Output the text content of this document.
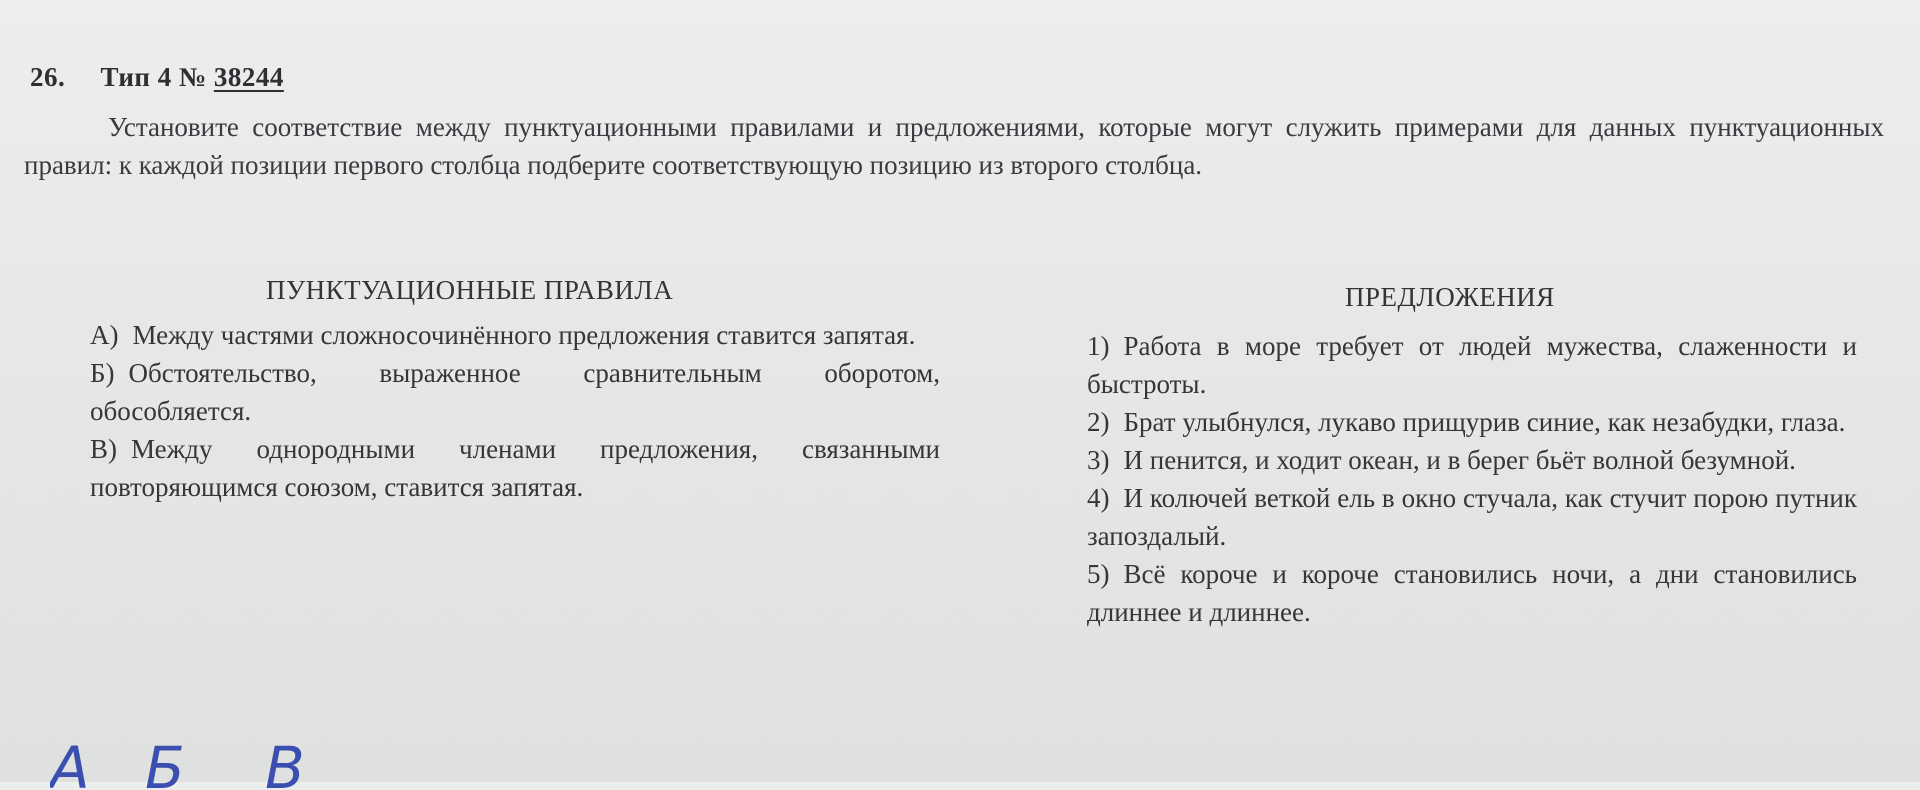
26. Тип 4 № 38244
Установите соответствие между пунктуационными правилами и предложениями, которые могут служить примерами для данных пунктуационных правил: к каждой позиции первого столбца подберите соответствующую позицию из второго столбца.
ПУНКТУАЦИОННЫЕ ПРАВИЛА	ПРЕДЛОЖЕНИЯ
А) Между частями сложносочинённого предложения ставится запятая.
Б) Обстоятельство, выраженное сравнительным оборотом, обособляется.
В) Между однородными членами предложения, связанными повторяющимся союзом, ставится запятая.
1) Работа в море требует от людей мужества, слаженности и быстроты.
2) Брат улыбнулся, лукаво прищурив синие, как незабудки, глаза.
3) И пенится, и ходит океан, и в берег бьёт волной безумной.
4) И колючей веткой ель в окно стучала, как стучит порою путник запоздалый.
5) Всё короче и короче становились ночи, а дни становились длиннее и длиннее.
А Б В
